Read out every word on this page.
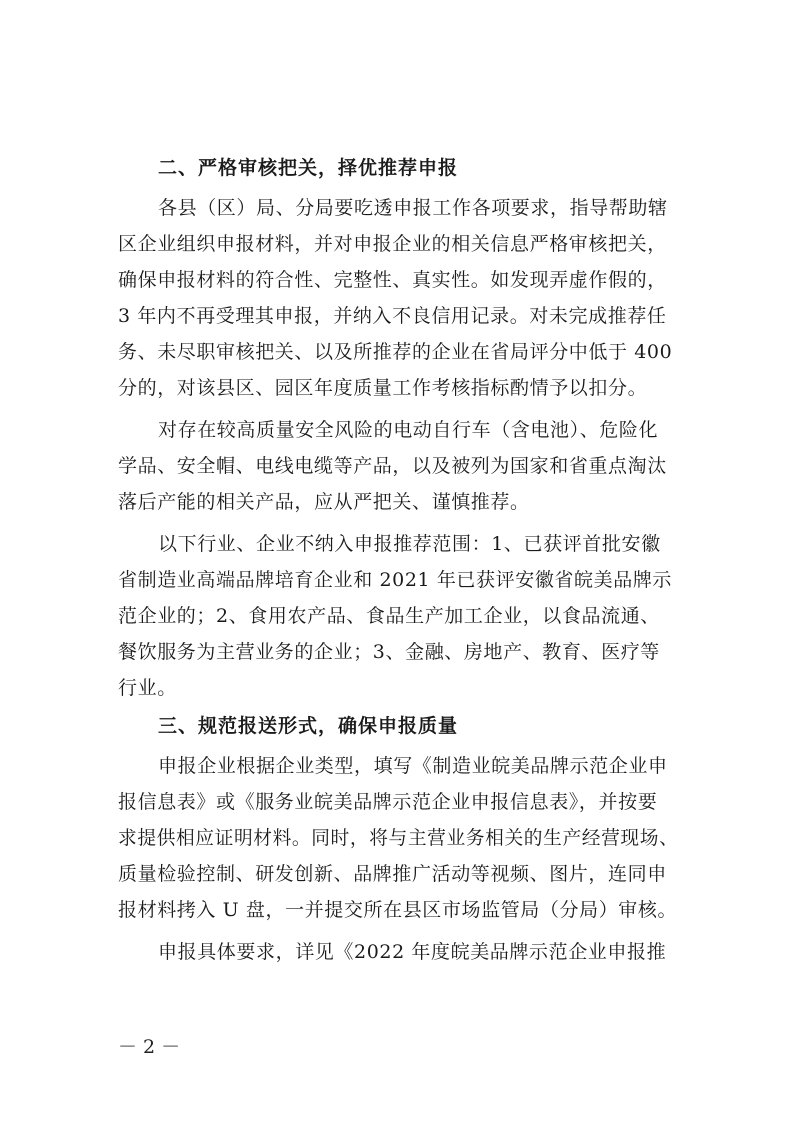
二、严格审核把关，择优推荐申报
各县（区）局、分局要吃透申报工作各项要求，指导帮助辖
区企业组织申报材料，并对申报企业的相关信息严格审核把关，
确保申报材料的符合性、完整性、真实性。如发现弄虚作假的，
3 年内不再受理其申报，并纳入不良信用记录。对未完成推荐任
务、未尽职审核把关、以及所推荐的企业在省局评分中低于 400
分的，对该县区、园区年度质量工作考核指标酌情予以扣分。
对存在较高质量安全风险的电动自行车（含电池）、危险化
学品、安全帽、电线电缆等产品，以及被列为国家和省重点淘汰
落后产能的相关产品，应从严把关、谨慎推荐。
以下行业、企业不纳入申报推荐范围：1、已获评首批安徽
省制造业高端品牌培育企业和 2021 年已获评安徽省皖美品牌示
范企业的；2、食用农产品、食品生产加工企业，以食品流通、
餐饮服务为主营业务的企业；3、金融、房地产、教育、医疗等
行业。
三、规范报送形式，确保申报质量
申报企业根据企业类型，填写《制造业皖美品牌示范企业申
报信息表》或《服务业皖美品牌示范企业申报信息表》，并按要
求提供相应证明材料。同时，将与主营业务相关的生产经营现场、
质量检验控制、研发创新、品牌推广活动等视频、图片，连同申
报材料拷入 U 盘，一并提交所在县区市场监管局（分局）审核。
申报具体要求，详见《2022 年度皖美品牌示范企业申报推
－ 2 －
